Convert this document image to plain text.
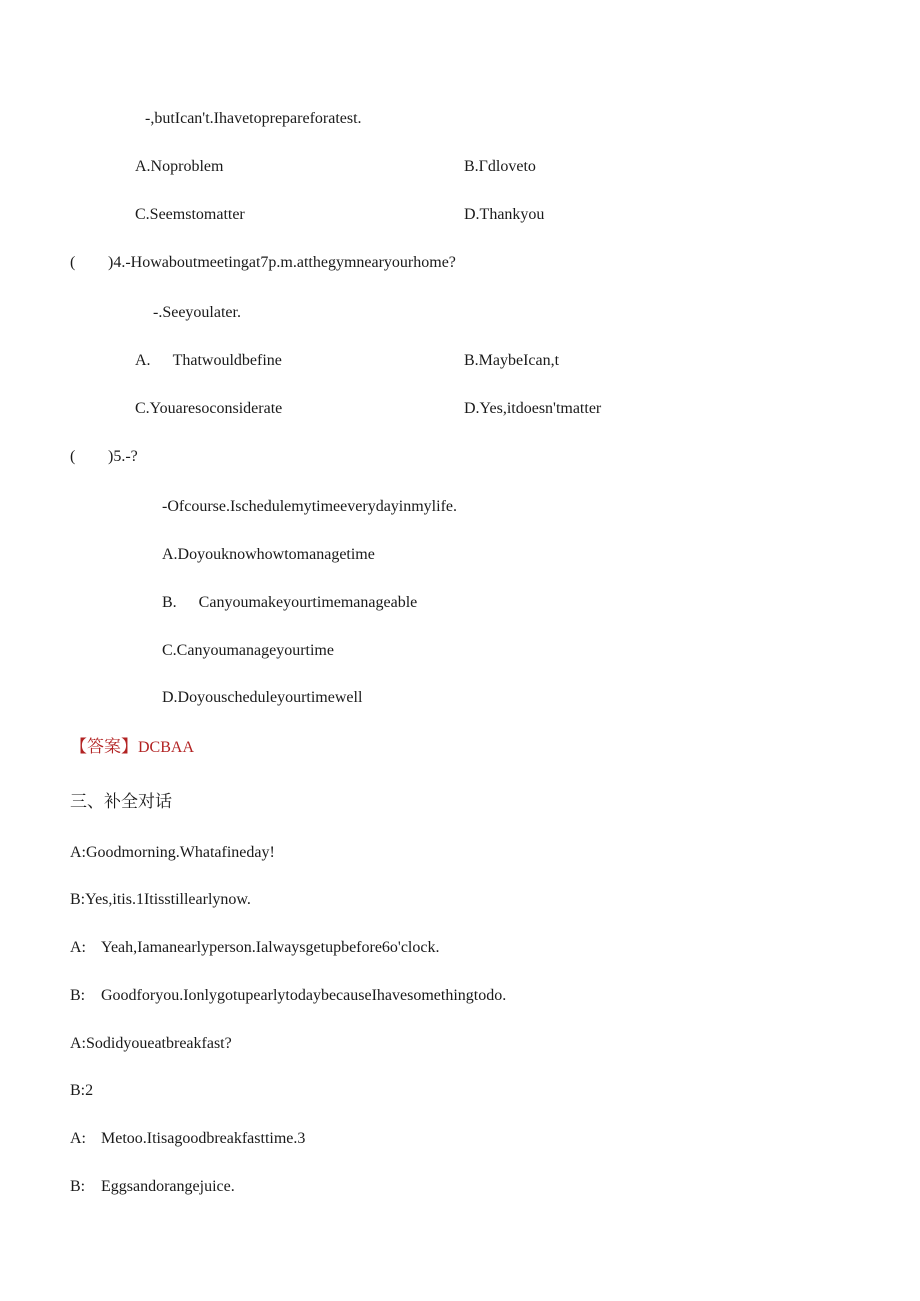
-,butIcan't.Ihavetoprepareforatest.
A.Noproblem	B.Γdloveto
C.Seemstomatter	D.Thankyou
( )4.-Howaboutmeetingat7p.m.atthegymnearyourhome?
-.Seeyoulater.
A. Thatwouldbefine	B.MaybeIcan,t
C.Youaresoconsiderate	D.Yes,itdoesn'tmatter
( )5.-?
-Ofcourse.Ischedulemytimeeverydayinmylife.
A.Doyouknowhowtomanagetime
B. Canyoumakeyourtimemanageable
C.Canyoumanageyourtime
D.Doyouscheduleyourtimewell
【答案】DCBAA
三、补全对话
A:Goodmorning.Whatafineday!
B:Yes,itis.1Itisstillearlynow.
A: Yeah,Iamanearlyperson.Ialwaysgetupbefore6o'clock.
B: Goodforyou.IonlygotupearlytodaybecauseIhavesomethingtodo.
A:Sodidyoueatbreakfast?
B:2
A: Metoo.Itisagoodbreakfasttime.3
B: Eggsandorangejuice.
